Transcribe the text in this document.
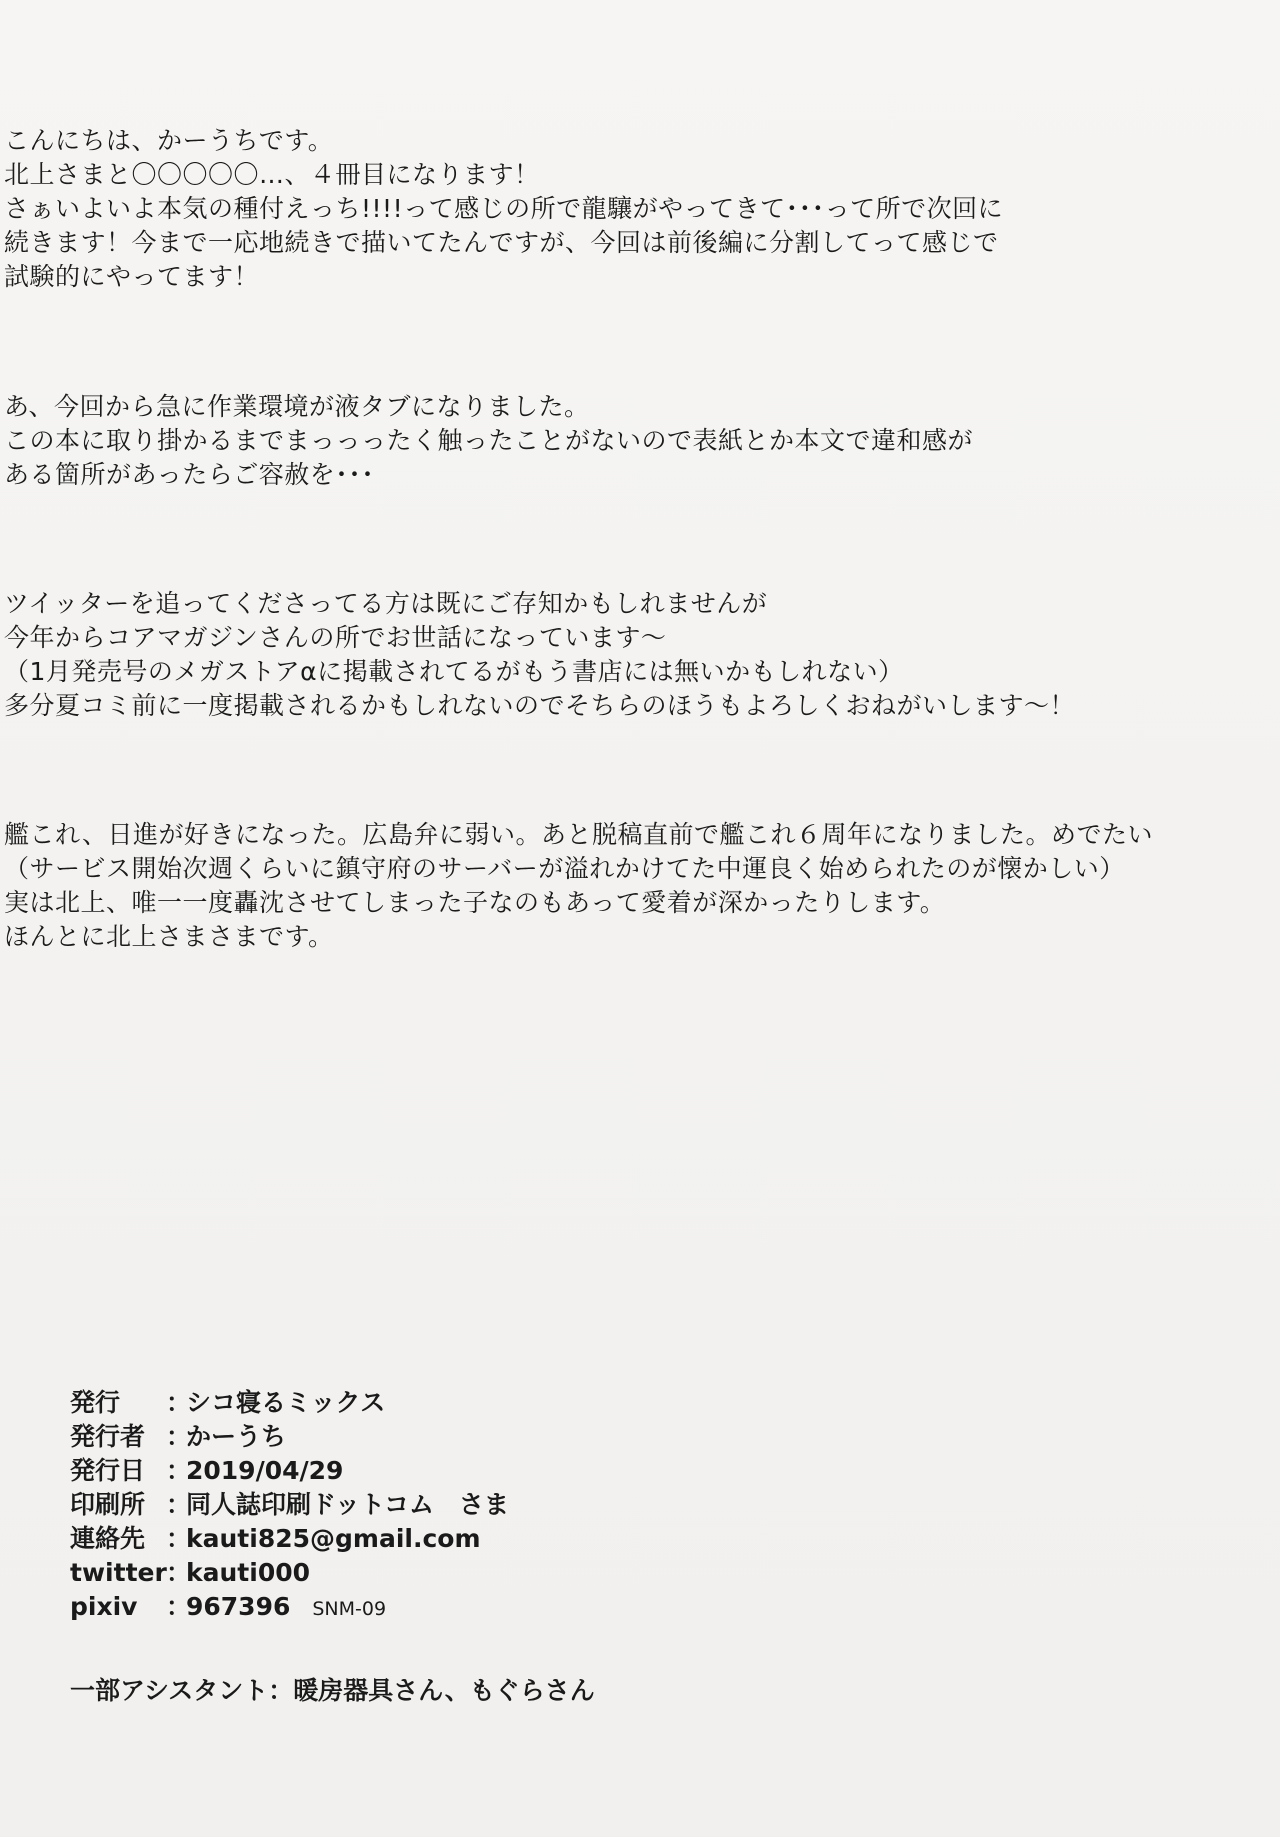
こんにちは、かーうちです。
北上さまと〇〇〇〇〇…、４冊目になります！
さぁいよいよ本気の種付えっち!!!!って感じの所で龍驤がやってきて･･･って所で次回に
続きます！今まで一応地続きで描いてたんですが、今回は前後編に分割してって感じで
試験的にやってます！

あ、今回から急に作業環境が液タブになりました。
この本に取り掛かるまでまっっったく触ったことがないので表紙とか本文で違和感が
ある箇所があったらご容赦を･･･

ツイッターを追ってくださってる方は既にご存知かもしれませんが
今年からコアマガジンさんの所でお世話になっています～
（1月発売号のメガストアαに掲載されてるがもう書店には無いかもしれない）
多分夏コミ前に一度掲載されるかもしれないのでそちらのほうもよろしくおねがいします～！

艦これ、日進が好きになった。広島弁に弱い。あと脱稿直前で艦これ６周年になりました。めでたい
（サービス開始次週くらいに鎮守府のサーバーが溢れかけてた中運良く始められたのが懐かしい）
実は北上、唯一一度轟沈させてしまった子なのもあって愛着が深かったりします。
ほんとに北上さまさまです。

発行 ：シコ寝るミックス
発行者 ：かーうち
発行日 ：2019/04/29
印刷所 ：同人誌印刷ドットコム　さま
連絡先 ：kauti825@gmail.com
twitter：kauti000
pixiv ：967396 SNM-09
一部アシスタント：暖房器具さん、もぐらさん
